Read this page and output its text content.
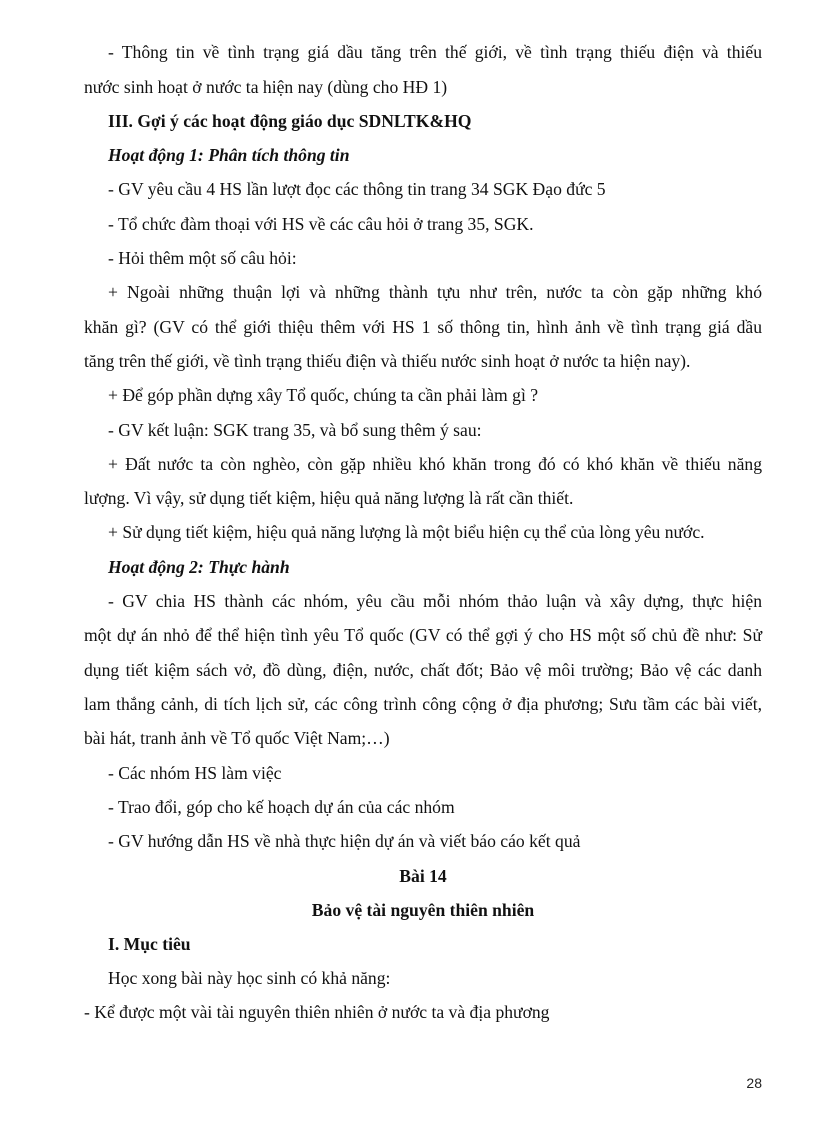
- Thông tin về tình trạng giá dầu tăng trên thế giới, về tình trạng thiếu điện và thiếu
nước sinh hoạt ở nước ta hiện nay (dùng cho HĐ 1)
III. Gợi ý các hoạt động giáo dục SDNLTK&HQ
Hoạt động 1: Phân tích thông tin
- GV yêu cầu 4 HS lần lượt đọc các thông tin trang 34 SGK Đạo đức 5
- Tổ chức đàm thoại với HS về các câu hỏi ở trang 35, SGK.
- Hỏi thêm một số câu hỏi:
+ Ngoài những thuận lợi và những thành tựu như trên, nước ta còn gặp những khó
khăn gì? (GV có thể giới thiệu thêm với HS 1 số thông tin, hình ảnh về tình trạng giá dầu
tăng trên thế giới, về tình trạng thiếu điện và thiếu nước sinh hoạt ở nước ta hiện nay).
+ Để góp phần dựng xây Tổ quốc, chúng ta cần phải làm gì ?
- GV kết luận: SGK trang 35, và bổ sung thêm ý sau:
+ Đất nước ta còn nghèo, còn gặp nhiều khó khăn trong đó có khó khăn về thiếu năng
lượng. Vì vậy, sử dụng tiết kiệm, hiệu quả năng lượng là rất cần thiết.
+ Sử dụng tiết kiệm, hiệu quả năng lượng là một biểu hiện cụ thể của lòng yêu nước.
Hoạt động 2: Thực hành
- GV chia HS thành các nhóm, yêu cầu mỗi nhóm thảo luận và xây dựng, thực hiện
một dự án nhỏ để thể hiện tình yêu Tổ quốc (GV có thể gợi ý cho HS một số chủ đề như: Sử
dụng tiết kiệm sách vở, đồ dùng, điện, nước, chất đốt; Bảo vệ môi trường; Bảo vệ các danh
lam thắng cảnh, di tích lịch sử, các công trình công cộng ở địa phương; Sưu tầm các bài viết,
bài hát, tranh ảnh về Tổ quốc Việt Nam;…)
- Các nhóm HS làm việc
- Trao đổi, góp cho kế hoạch dự án của các nhóm
- GV hướng dẫn HS về nhà thực hiện dự án và viết báo cáo kết quả
Bài 14
Bảo vệ tài nguyên thiên nhiên
I. Mục tiêu
Học xong bài này học sinh có khả năng:
- Kể được một vài tài nguyên thiên nhiên ở nước ta và địa phương
28
